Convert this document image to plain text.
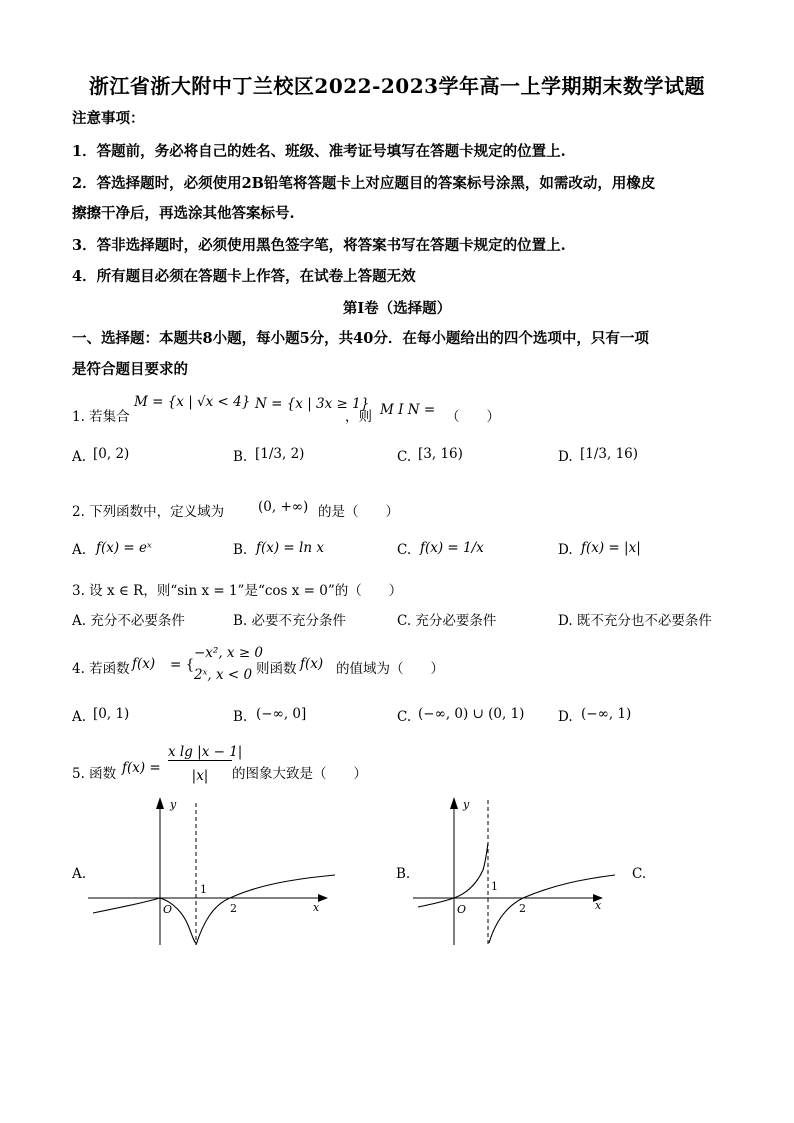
浙江省浙大附中丁兰校区2022-2023学年高一上学期期末数学试题
注意事项：
1．答题前，务必将自己的姓名、班级、准考证号填写在答题卡规定的位置上.
2．答选择题时，必须使用2B铅笔将答题卡上对应题目的答案标号涂黑，如需改动，用橡皮
擦擦干净后，再选涂其他答案标号.
3．答非选择题时，必须使用黑色签字笔，将答案书写在答题卡规定的位置上.
4．所有题目必须在答题卡上作答，在试卷上答题无效
第Ⅰ卷（选择题）
一、选择题：本题共8小题，每小题5分，共40分．在每小题给出的四个选项中，只有一项
是符合题目要求的
1. 若集合
M = {x | √x < 4} N = {x | 3x ≥ 1}
，则 M I N = （　　）
A. [0, 2)	B. [1/3, 2)	C. [3, 16)	D. [1/3, 16)
2. 下列函数中，定义域为	(0, +∞) 的是（　　）
A. f(x) = eˣ	B. f(x) = ln x	C. f(x) = 1/x	D. f(x) = |x|
3. 设 x ∈ R，则“sin x = 1”是“cos x = 0”的（　　）
A. 充分不必要条件	B. 必要不充分条件	C. 充分必要条件	D. 既不充分也不必要条件
4. 若函数 f(x) = {
−x², x ≥ 0
2ˣ, x < 0 则函数 f(x) 的值域为（　　）
A. [0, 1)	B. (−∞, 0]	C. (−∞, 0) ∪ (0, 1) D. (−∞, 1)
5. 函数 f(x) =
x lg |x − 1|
|x|	的图象大致是（　　）
A.	B.	C.
y
x
O
1
2
y
x
O
1
2
